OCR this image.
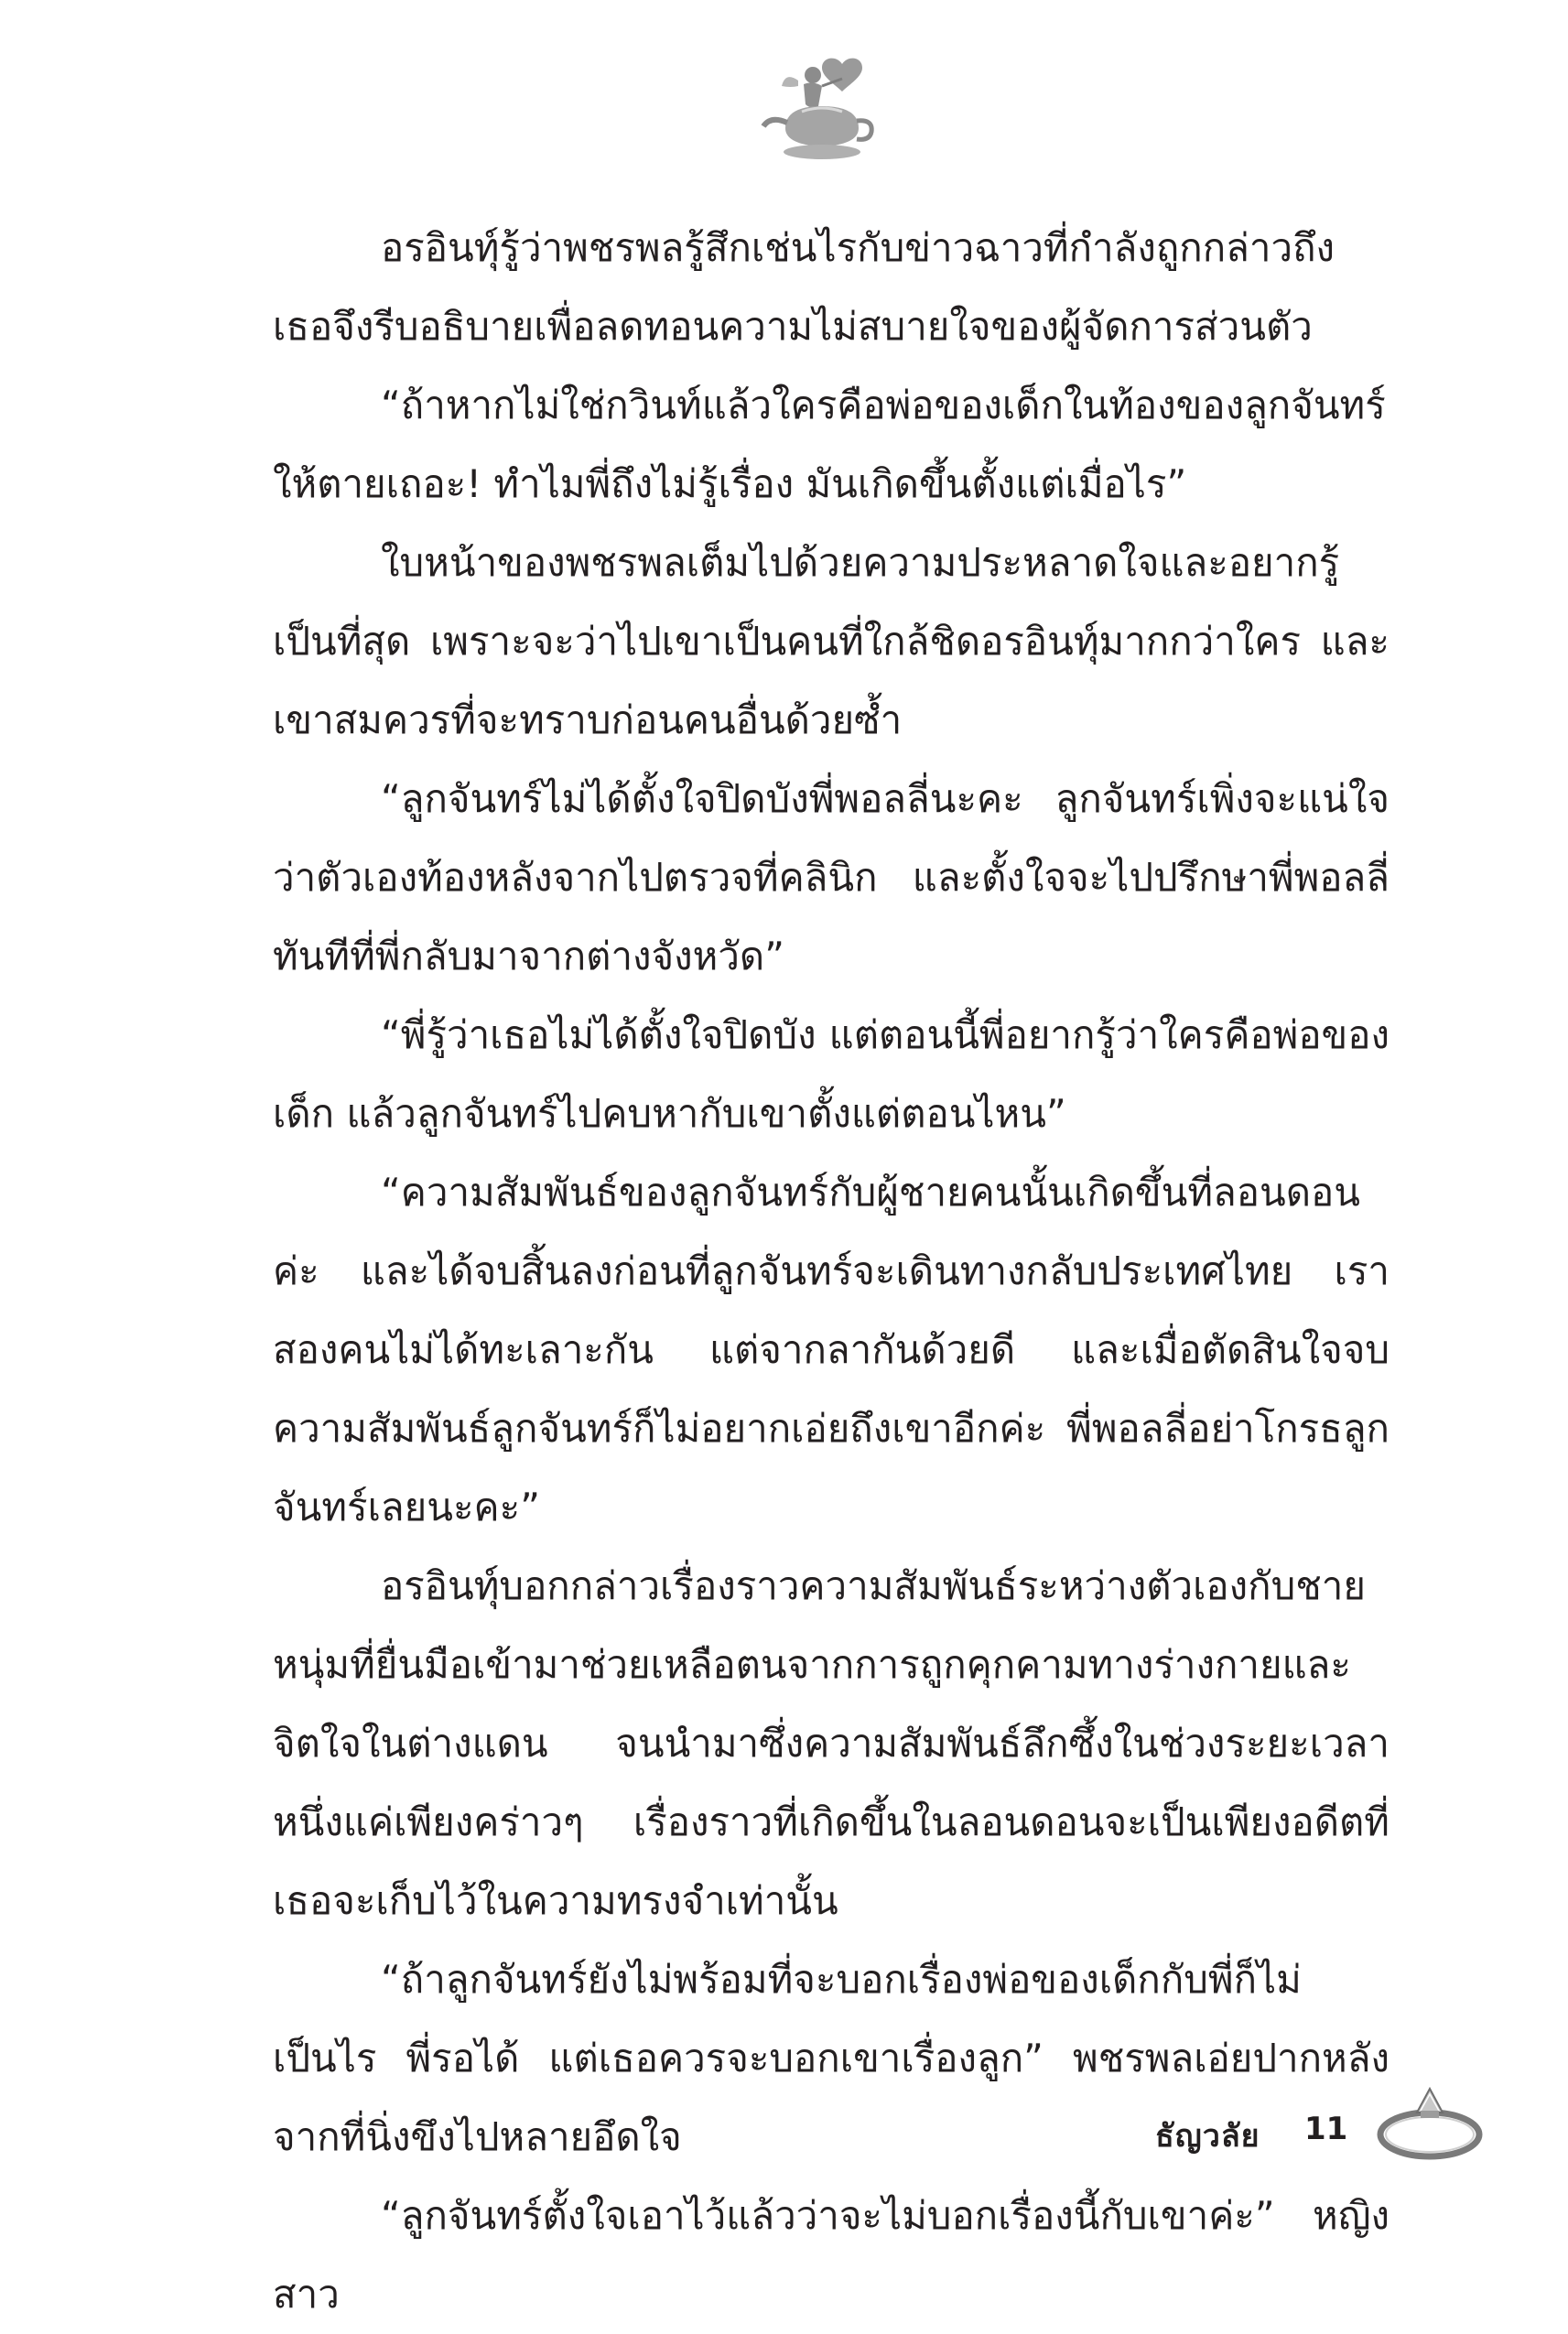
อรอินทุ์รู้ว่าพชรพลรู้สึกเช่นไรกับข่าวฉาวที่กำลังถูกกล่าวถึง เธอจึงรีบอธิบายเพื่อลดทอนความไม่สบายใจของผู้จัดการส่วนตัว

“ถ้าหากไม่ใช่กวินท์แล้วใครคือพ่อของเด็กในท้องของลูกจันทร์ให้ตายเถอะ! ทำไมพี่ถึงไม่รู้เรื่อง มันเกิดขึ้นตั้งแต่เมื่อไร”

ใบหน้าของพชรพลเต็มไปด้วยความประหลาดใจและอยากรู้เป็นที่สุด เพราะจะว่าไปเขาเป็นคนที่ใกล้ชิดอรอินทุ์มากกว่าใคร และเขาสมควรที่จะทราบก่อนคนอื่นด้วยซ้ำ

“ลูกจันทร์ไม่ได้ตั้งใจปิดบังพี่พอลลี่นะคะ ลูกจันทร์เพิ่งจะแน่ใจว่าตัวเองท้องหลังจากไปตรวจที่คลินิก และตั้งใจจะไปปรึกษาพี่พอลลี่ทันทีที่พี่กลับมาจากต่างจังหวัด”

“พี่รู้ว่าเธอไม่ได้ตั้งใจปิดบัง แต่ตอนนี้พี่อยากรู้ว่าใครคือพ่อของเด็ก แล้วลูกจันทร์ไปคบหากับเขาตั้งแต่ตอนไหน”

“ความสัมพันธ์ของลูกจันทร์กับผู้ชายคนนั้นเกิดขึ้นที่ลอนดอนค่ะ และได้จบสิ้นลงก่อนที่ลูกจันทร์จะเดินทางกลับประเทศไทย เราสองคนไม่ได้ทะเลาะกัน แต่จากลากันด้วยดี และเมื่อตัดสินใจจบความสัมพันธ์ลูกจันทร์ก็ไม่อยากเอ่ยถึงเขาอีกค่ะ พี่พอลลี่อย่าโกรธลูกจันทร์เลยนะคะ”

อรอินทุ์บอกกล่าวเรื่องราวความสัมพันธ์ระหว่างตัวเองกับชายหนุ่มที่ยื่นมือเข้ามาช่วยเหลือตนจากการถูกคุกคามทางร่างกายและจิตใจในต่างแดน จนนำมาซึ่งความสัมพันธ์ลึกซึ้งในช่วงระยะเวลาหนึ่งแค่เพียงคร่าวๆ เรื่องราวที่เกิดขึ้นในลอนดอนจะเป็นเพียงอดีตที่เธอจะเก็บไว้ในความทรงจำเท่านั้น

“ถ้าลูกจันทร์ยังไม่พร้อมที่จะบอกเรื่องพ่อของเด็กกับพี่ก็ไม่เป็นไร พี่รอได้ แต่เธอควรจะบอกเขาเรื่องลูก” พชรพลเอ่ยปากหลังจากที่นิ่งขึงไปหลายอึดใจ

“ลูกจันทร์ตั้งใจเอาไว้แล้วว่าจะไม่บอกเรื่องนี้กับเขาค่ะ” หญิงสาว

ธัญวลัย 11
